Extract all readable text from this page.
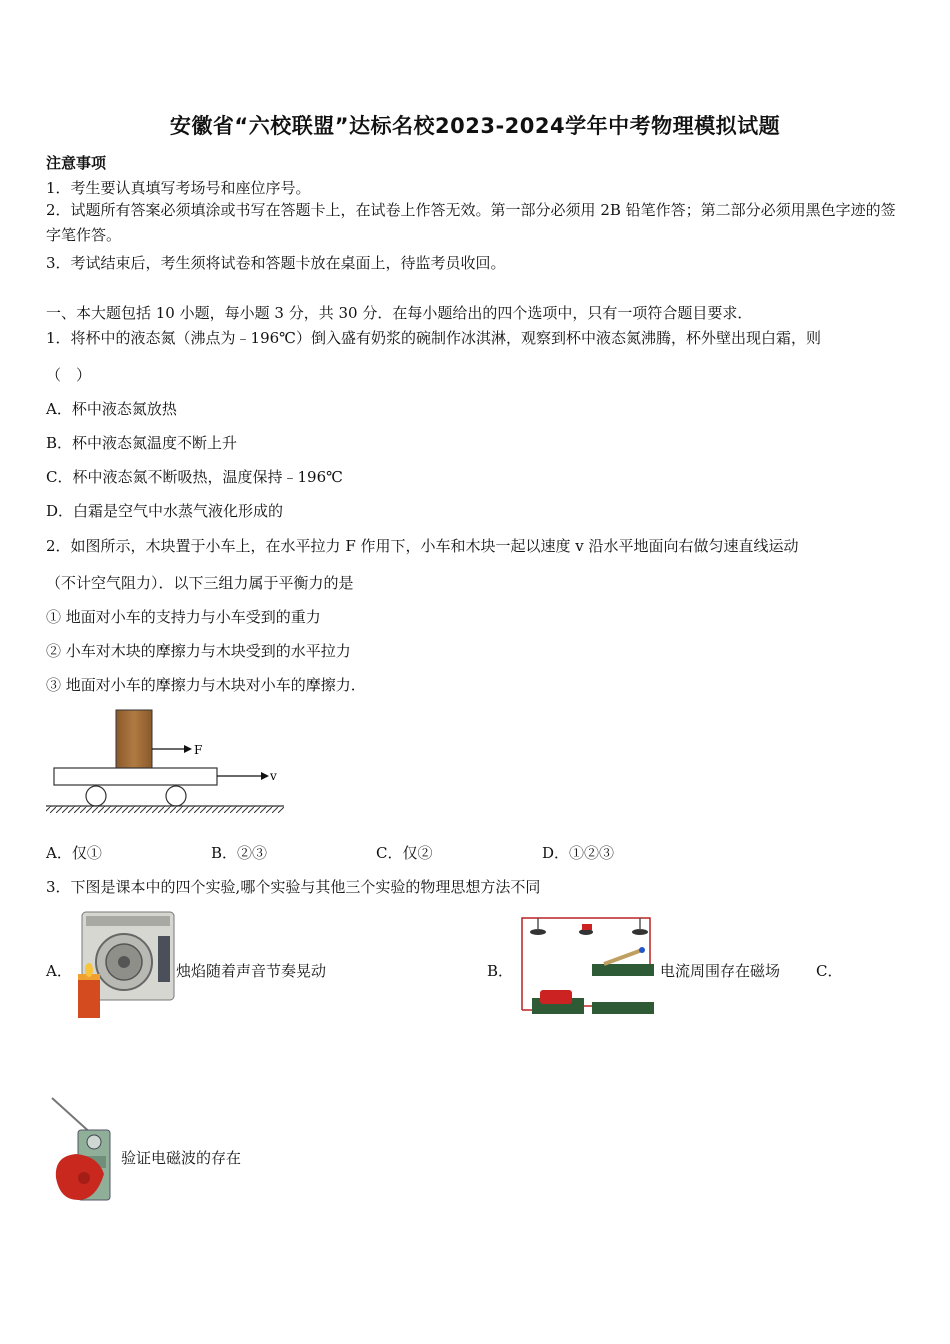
安徽省“六校联盟”达标名校2023-2024学年中考物理模拟试题
注意事项
1．考生要认真填写考场号和座位序号。
2．试题所有答案必须填涂或书写在答题卡上，在试卷上作答无效。第一部分必须用 2B 铅笔作答；第二部分必须用黑色字迹的签字笔作答。
3．考试结束后，考生须将试卷和答题卡放在桌面上，待监考员收回。
一、本大题包括 10 小题，每小题 3 分，共 30 分．在每小题给出的四个选项中，只有一项符合题目要求．
1．将杯中的液态氮（沸点为﹣196℃）倒入盛有奶浆的碗制作冰淇淋，观察到杯中液态氮沸腾，杯外壁出现白霜，则
（　）
A．杯中液态氮放热
B．杯中液态氮温度不断上升
C．杯中液态氮不断吸热，温度保持﹣196℃
D．白霜是空气中水蒸气液化形成的
2．如图所示，木块置于小车上，在水平拉力 F 作用下，小车和木块一起以速度 v 沿水平地面向右做匀速直线运动
（不计空气阻力）．以下三组力属于平衡力的是
① 地面对小车的支持力与小车受到的重力
② 小车对木块的摩擦力与木块受到的水平拉力
③ 地面对小车的摩擦力与木块对小车的摩擦力．
F
v
A．仅①	B．②③	C．仅②	D．①②③
3．下图是课本中的四个实验,哪个实验与其他三个实验的物理思想方法不同
A．	烛焰随着声音节奏晃动	B．	电流周围存在磁场 C．
验证电磁波的存在
